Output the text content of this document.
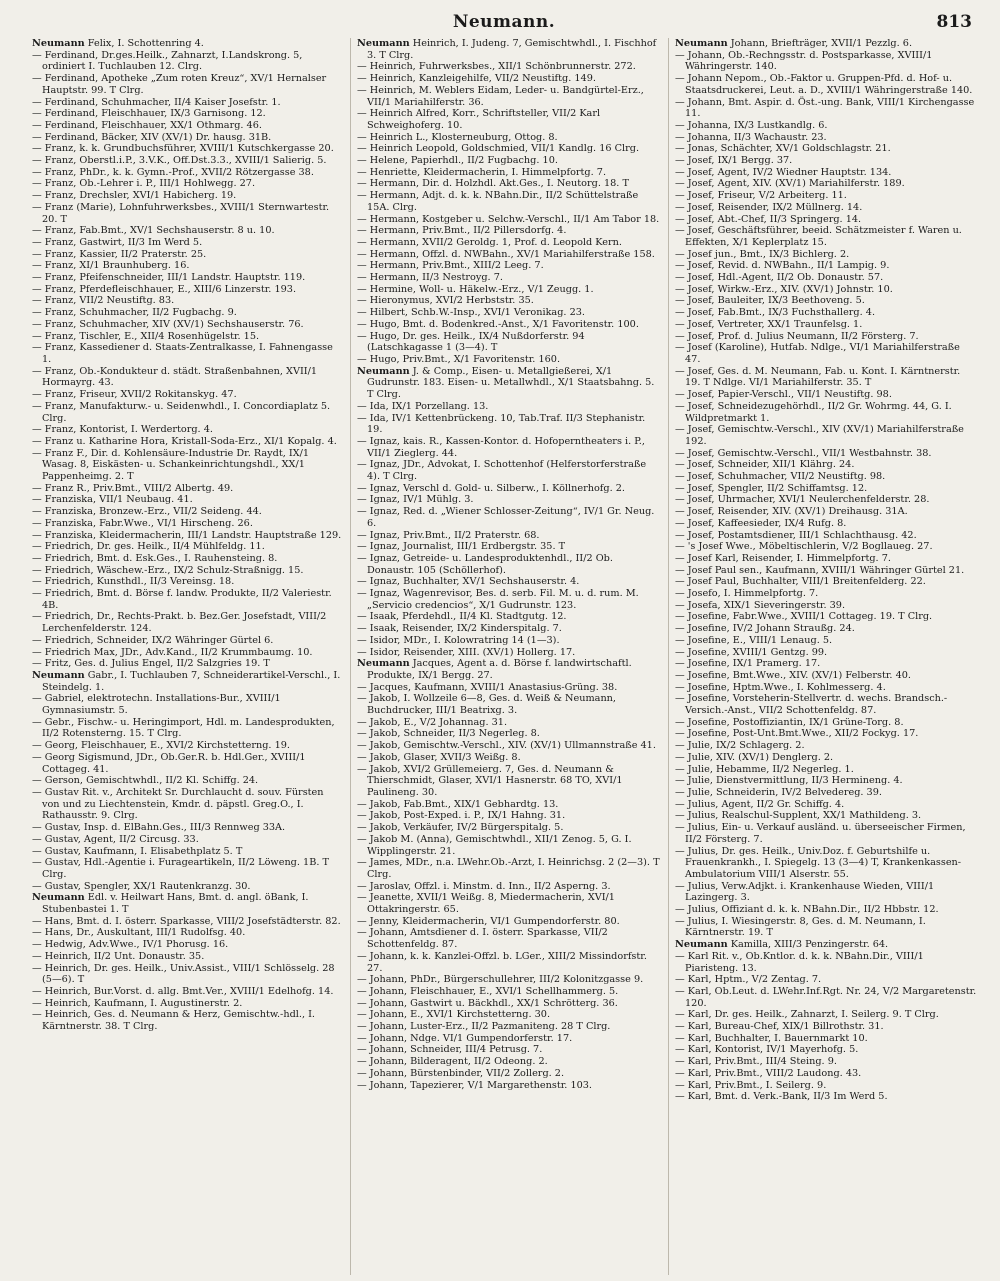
Neumann.	813
Neumann Felix, I. Schottenring 4.
— Ferdinand, Dr.ges.Heilk., Zahnarzt, I.Landskrong. 5, ordiniert I. Tuchlauben 12. Clrg.
— Ferdinand, Apotheke „Zum roten Kreuz“, XV/1 Hernalser Hauptstr. 99. T Clrg.
— Ferdinand, Schuhmacher, II/4 Kaiser Josefstr. 1.
— Ferdinand, Fleischhauer, IX/3 Garnisong. 12.
— Ferdinand, Fleischhauer, XX/1 Othmarg. 46.
— Ferdinand, Bäcker, XIV (XV/1) Dr. hausg. 31B.
— Franz, k. k. Grundbuchsführer, XVIII/1 Kutschkergasse 20.
— Franz, Oberstl.i.P., 3.V.K., Off.Dst.3.3., XVIII/1 Salierig. 5.
— Franz, PhDr., k. k. Gymn.-Prof., XVII/2 Rötzergasse 38.
— Franz, Ob.-Lehrer i. P., III/1 Hohlwegg. 27.
— Franz, Drechsler, XVI/1 Habicherg. 19.
— Franz (Marie), Lohnfuhrwerksbes., XVIII/1 Sternwartestr. 20. T
— Franz, Fab.Bmt., XV/1 Sechshauserstr. 8 u. 10.
— Franz, Gastwirt, II/3 Im Werd 5.
— Franz, Kassier, II/2 Praterstr. 25.
— Franz, XI/1 Braunhuberg. 16.
— Franz, Pfeifenschneider, III/1 Landstr. Hauptstr. 119.
— Franz, Pferdefleischhauer, E., XIII/6 Linzerstr. 193.
— Franz, VII/2 Neustiftg. 83.
— Franz, Schuhmacher, II/2 Fugbachg. 9.
— Franz, Schuhmacher, XIV (XV/1) Sechshauserstr. 76.
— Franz, Tischler, E., XII/4 Rosenhügelstr. 15.
— Franz, Kassediener d. Staats-Zentralkasse, I. Fahnengasse 1.
— Franz, Ob.-Kondukteur d. städt. Straßenbahnen, XVII/1 Hormayrg. 43.
— Franz, Friseur, XVII/2 Rokitanskyg. 47.
— Franz, Manufakturw.- u. Seidenwhdl., I. Concordiaplatz 5. Clrg.
— Franz, Kontorist, I. Werdertorg. 4.
— Franz u. Katharine Hora, Kristall-Soda-Erz., XI/1 Kopalg. 4.
— Franz F., Dir. d. Kohlensäure-Industrie Dr. Raydt, IX/1 Wasag. 8, Eiskästen- u. Schankeinrichtungshdl., XX/1 Pappenheimg. 2. T
— Franz R., Priv.Bmt., VIII/2 Albertg. 49.
— Franziska, VII/1 Neubaug. 41.
— Franziska, Bronzew.-Erz., VII/2 Seideng. 44.
— Franziska, Fabr.Wwe., VI/1 Hirscheng. 26.
— Franziska, Kleidermacherin, III/1 Landstr. Hauptstraße 129.
— Friedrich, Dr. ges. Heilk., II/4 Mühlfeldg. 11.
— Friedrich, Bmt. d. Esk.Ges., I. Rauhensteing. 8.
— Friedrich, Wäschew.-Erz., IX/2 Schulz-Straßnigg. 15.
— Friedrich, Kunsthdl., II/3 Vereinsg. 18.
— Friedrich, Bmt. d. Börse f. landw. Produkte, II/2 Valeriestr. 4B.
— Friedrich, Dr., Rechts-Prakt. b. Bez.Ger. Josefstadt, VIII/2 Lerchenfelderstr. 124.
— Friedrich, Schneider, IX/2 Währinger Gürtel 6.
— Friedrich Max, JDr., Adv.Kand., II/2 Krummbaumg. 10.
— Fritz, Ges. d. Julius Engel, II/2 Salzgries 19. T
Neumann Gabr., I. Tuchlauben 7, Schneiderartikel-Verschl., I. Steindelg. 1.
— Gabriel, elektrotechn. Installations-Bur., XVIII/1 Gymnasiumstr. 5.
— Gebr., Fischw.- u. Heringimport, Hdl. m. Landesprodukten, II/2 Rotensterng. 15. T Clrg.
— Georg, Fleischhauer, E., XVI/2 Kirchstetterng. 19.
— Georg Sigismund, JDr., Ob.Ger.R. b. Hdl.Ger., XVIII/1 Cottageg. 41.
— Gerson, Gemischtwhdl., II/2 Kl. Schiffg. 24.
— Gustav Rit. v., Architekt Sr. Durchlaucht d. souv. Fürsten von und zu Liechtenstein, Kmdr. d. päpstl. Greg.O., I. Rathausstr. 9. Clrg.
— Gustav, Insp. d. ElBahn.Ges., III/3 Rennweg 33A.
— Gustav, Agent, II/2 Circusg. 33.
— Gustav, Kaufmann, I. Elisabethplatz 5. T
— Gustav, Hdl.-Agentie i. Furageartikeln, II/2 Löweng. 1B. T Clrg.
— Gustav, Spengler, XX/1 Rautenkranzg. 30.
Neumann Edl. v. Heilwart Hans, Bmt. d. angl. öBank, I. Stubenbastei 1. T
— Hans, Bmt. d. I. österr. Sparkasse, VIII/2 Josefstädterstr. 82.
— Hans, Dr., Auskultant, III/1 Rudolfsg. 40.
— Hedwig, Adv.Wwe., IV/1 Phorusg. 16.
— Heinrich, II/2 Unt. Donaustr. 35.
— Heinrich, Dr. ges. Heilk., Univ.Assist., VIII/1 Schlösselg. 28 (5—6). T
— Heinrich, Bur.Vorst. d. allg. Bmt.Ver., XVIII/1 Edelhofg. 14.
— Heinrich, Kaufmann, I. Augustinerstr. 2.
— Heinrich, Ges. d. Neumann & Herz, Gemischtw.-hdl., I. Kärntnerstr. 38. T Clrg.
Neumann Heinrich, I. Judeng. 7, Gemischtwhdl., I. Fischhof 3. T Clrg.
— Heinrich, Fuhrwerksbes., XII/1 Schönbrunnerstr. 272.
— Heinrich, Kanzleigehilfe, VII/2 Neustiftg. 149.
— Heinrich, M. Weblers Eidam, Leder- u. Bandgürtel-Erz., VII/1 Mariahilferstr. 36.
— Heinrich Alfred, Korr., Schriftsteller, VII/2 Karl Schweighoferg. 10.
— Heinrich L., Klosterneuburg, Ottog. 8.
— Heinrich Leopold, Goldschmied, VII/1 Kandlg. 16 Clrg.
— Helene, Papierhdl., II/2 Fugbachg. 10.
— Henriette, Kleidermacherin, I. Himmelpfortg. 7.
— Hermann, Dir. d. Holzhdl. Akt.Ges., I. Neutorg. 18. T
— Hermann, Adjt. d. k. k. NBahn.Dir., II/2 Schüttelstraße 15A. Clrg.
— Hermann, Kostgeber u. Selchw.-Verschl., II/1 Am Tabor 18.
— Hermann, Priv.Bmt., II/2 Pillersdorfg. 4.
— Hermann, XVII/2 Geroldg. 1, Prof. d. Leopold Kern.
— Hermann, Offzl. d. NWBahn., XV/1 Mariahilferstraße 158.
— Hermann, Priv.Bmt., XIII/2 Leeg. 7.
— Hermann, II/3 Nestroyg. 7.
— Hermine, Woll- u. Häkelw.-Erz., V/1 Zeugg. 1.
— Hieronymus, XVI/2 Herbststr. 35.
— Hilbert, Schb.W.-Insp., XVI/1 Veronikag. 23.
— Hugo, Bmt. d. Bodenkred.-Anst., X/1 Favoritenstr. 100.
— Hugo, Dr. ges. Heilk., IX/4 Nußdorferstr. 94 (Latschkagasse 1 (3—4). T
— Hugo, Priv.Bmt., X/1 Favoritenstr. 160.
Neumann J. & Comp., Eisen- u. Metallgießerei, X/1 Gudrunstr. 183. Eisen- u. Metallwhdl., X/1 Staatsbahng. 5. T Clrg.
— Ida, IX/1 Porzellang. 13.
— Ida, IV/1 Kettenbrückeng. 10, Tab.Traf. II/3 Stephanistr. 19.
— Ignaz, kais. R., Kassen-Kontor. d. Hofoperntheaters i. P., VII/1 Zieglerg. 44.
— Ignaz, JDr., Advokat, I. Schottenhof (Helferstorferstraße 4). T Clrg.
— Ignaz, Verschl d. Gold- u. Silberw., I. Köllnerhofg. 2.
— Ignaz, IV/1 Mühlg. 3.
— Ignaz, Red. d. „Wiener Schlosser-Zeitung“, IV/1 Gr. Neug. 6.
— Ignaz, Priv.Bmt., II/2 Praterstr. 68.
— Ignaz, Journalist, III/1 Erdbergstr. 35. T
— Ignaz, Getreide- u. Landesproduktenhdl., II/2 Ob. Donaustr. 105 (Schöllerhof).
— Ignaz, Buchhalter, XV/1 Sechshauserstr. 4.
— Ignaz, Wagenrevisor, Bes. d. serb. Fil. M. u. d. rum. M. „Servicio credencios“, X/1 Gudrunstr. 123.
— Isaak, Pferdehdl., II/4 Kl. Stadtgutg. 12.
— Isaak, Reisender, IX/2 Kinderspitalg. 7.
— Isidor, MDr., I. Kolowratring 14 (1—3).
— Isidor, Reisender, XIII. (XV/1) Hollerg. 17.
Neumann Jacques, Agent a. d. Börse f. landwirtschaftl. Produkte, IX/1 Bergg. 27.
— Jacques, Kaufmann, XVIII/1 Anastasius-Grüng. 38.
— Jakob, I. Wollzeile 6—8, Ges. d. Weiß & Neumann, Buchdrucker, III/1 Beatrixg. 3.
— Jakob, E., V/2 Johannag. 31.
— Jakob, Schneider, II/3 Negerleg. 8.
— Jakob, Gemischtw.-Verschl., XIV. (XV/1) Ullmannstraße 41.
— Jakob, Glaser, XVII/3 Weißg. 8.
— Jakob, XVI/2 Grüllemeierg. 7, Ges. d. Neumann & Thierschmidt, Glaser, XVI/1 Hasnerstr. 68 TO, XVI/1 Paulineng. 30.
— Jakob, Fab.Bmt., XIX/1 Gebhardtg. 13.
— Jakob, Post-Exped. i. P., IX/1 Hahng. 31.
— Jakob, Verkäufer, IV/2 Bürgerspitalg. 5.
— Jakob M. (Anna), Gemischtwhdl., XII/1 Zenog. 5, G. I. Wipplingerstr. 21.
— James, MDr., n.a. LWehr.Ob.-Arzt, I. Heinrichsg. 2 (2—3). T Clrg.
— Jaroslav, Offzl. i. Minstm. d. Inn., II/2 Asperng. 3.
— Jeanette, XVII/1 Weißg. 8, Miedermacherin, XVI/1 Ottakringerstr. 65.
— Jenny, Kleidermacherin, VI/1 Gumpendorferstr. 80.
— Johann, Amtsdiener d. I. österr. Sparkasse, VII/2 Schottenfeldg. 87.
— Johann, k. k. Kanzlei-Offzl. b. LGer., XIII/2 Missindorfstr. 27.
— Johann, PhDr., Bürgerschullehrer, III/2 Kolonitzgasse 9.
— Johann, Fleischhauer, E., XVI/1 Schellhammerg. 5.
— Johann, Gastwirt u. Bäckhdl., XX/1 Schrötterg. 36.
— Johann, E., XVI/1 Kirchstetterng. 30.
— Johann, Luster-Erz., II/2 Pazmaniteng. 28 T Clrg.
— Johann, Ndge. VI/1 Gumpendorferstr. 17.
— Johann, Schneider, III/4 Petrusg. 7.
— Johann, Bilderagent, II/2 Odeong. 2.
— Johann, Bürstenbinder, VII/2 Zollerg. 2.
— Johann, Tapezierer, V/1 Margarethenstr. 103.
Neumann Johann, Briefträger, XVII/1 Pezzlg. 6.
— Johann, Ob.-Rechngsstr. d. Postsparkasse, XVIII/1 Währingerstr. 140.
— Johann Nepom., Ob.-Faktor u. Gruppen-Pfd. d. Hof- u. Staatsdruckerei, Leut. a. D., XVIII/1 Währingerstraße 140.
— Johann, Bmt. Aspir. d. Öst.-ung. Bank, VIII/1 Kirchengasse 11.
— Johanna, IX/3 Lustkandlg. 6.
— Johanna, II/3 Wachaustr. 23.
— Jonas, Schächter, XV/1 Goldschlagstr. 21.
— Josef, IX/1 Bergg. 37.
— Josef, Agent, IV/2 Wiedner Hauptstr. 134.
— Josef, Agent, XIV. (XV/1) Mariahilferstr. 189.
— Josef, Friseur, V/2 Arbeiterg. 11.
— Josef, Reisender, IX/2 Müllnerg. 14.
— Josef, Abt.-Chef, II/3 Springerg. 14.
— Josef, Geschäftsführer, beeid. Schätzmeister f. Waren u. Effekten, X/1 Keplerplatz 15.
— Josef jun., Bmt., IX/3 Bichlerg. 2.
— Josef, Revid. d. NWBahn., II/1 Lampig. 9.
— Josef, Hdl.-Agent, II/2 Ob. Donaustr. 57.
— Josef, Wirkw.-Erz., XIV. (XV/1) Johnstr. 10.
— Josef, Bauleiter, IX/3 Beethoveng. 5.
— Josef, Fab.Bmt., IX/3 Fuchsthallerg. 4.
— Josef, Vertreter, XX/1 Traunfelsg. 1.
— Josef, Prof. d. Julius Neumann, II/2 Försterg. 7.
— Josef (Karoline), Hutfab. Ndlge., VI/1 Mariahilferstraße 47.
— Josef, Ges. d. M. Neumann, Fab. u. Kont. I. Kärntnerstr. 19. T Ndlge. VI/1 Mariahilferstr. 35. T
— Josef, Papier-Verschl., VII/1 Neustiftg. 98.
— Josef, Schneidezugehörhdl., II/2 Gr. Wohrmg. 44, G. I. Wildpretmarkt 1.
— Josef, Gemischtw.-Verschl., XIV (XV/1) Mariahilferstraße 192.
— Josef, Gemischtw.-Verschl., VII/1 Westbahnstr. 38.
— Josef, Schneider, XII/1 Klährg. 24.
— Josef, Schuhmacher, VII/2 Neustiftg. 98.
— Josef, Spengler, II/2 Schiffamtsg. 12.
— Josef, Uhrmacher, XVI/1 Neulerchenfelderstr. 28.
— Josef, Reisender, XIV. (XV/1) Dreihausg. 31A.
— Josef, Kaffeesieder, IX/4 Rufg. 8.
— Josef, Postamtsdiener, III/1 Schlachthausg. 42.
— 's Josef Wwe., Möbeltischlerin, V/2 Bogllaueg. 27.
— Josef Karl, Reisender, I. Himmelpfortg. 7.
— Josef Paul sen., Kaufmann, XVIII/1 Währinger Gürtel 21.
— Josef Paul, Buchhalter, VIII/1 Breitenfelderg. 22.
— Josefo, I. Himmelpfortg. 7.
— Josefa, XIX/1 Sieveringerstr. 39.
— Josefine, Fabr.Wwe., XVIII/1 Cottageg. 19. T Clrg.
— Josefine, IV/2 Johann Straußg. 24.
— Josefine, E., VIII/1 Lenaug. 5.
— Josefine, XVIII/1 Gentzg. 99.
— Josefine, IX/1 Pramerg. 17.
— Josefine, Bmt.Wwe., XIV. (XV/1) Felberstr. 40.
— Josefine, Hptm.Wwe., I. Kohlmesserg. 4.
— Josefine, Vorsteherin-Stellvertr. d. wechs. Brandsch.-Versich.-Anst., VII/2 Schottenfeldg. 87.
— Josefine, Postoffiziantin, IX/1 Grüne-Torg. 8.
— Josefine, Post-Unt.Bmt.Wwe., XII/2 Fockyg. 17.
— Julie, IX/2 Schlagerg. 2.
— Julie, XIV. (XV/1) Denglerg. 2.
— Julie, Hebamme, II/2 Negerleg. 1.
— Julie, Dienstvermittlung, II/3 Hermineng. 4.
— Julie, Schneiderin, IV/2 Belvedereg. 39.
— Julius, Agent, II/2 Gr. Schiffg. 4.
— Julius, Realschul-Supplent, XX/1 Mathildeng. 3.
— Julius, Ein- u. Verkauf ausländ. u. überseeischer Firmen, II/2 Försterg. 7.
— Julius, Dr. ges. Heilk., Univ.Doz. f. Geburtshilfe u. Frauenkrankh., I. Spiegelg. 13 (3—4) T, Krankenkassen-Ambulatorium VIII/1 Alserstr. 55.
— Julius, Verw.Adjkt. i. Krankenhause Wieden, VIII/1 Lazingerg. 3.
— Julius, Offiziant d. k. k. NBahn.Dir., II/2 Hbbstr. 12.
— Julius, I. Wiesingerstr. 8, Ges. d. M. Neumann, I. Kärntnerstr. 19. T
Neumann Kamilla, XIII/3 Penzingerstr. 64.
— Karl Rit. v., Ob.Kntlor. d. k. k. NBahn.Dir., VIII/1 Piaristeng. 13.
— Karl, Hptm., V/2 Zentag. 7.
— Karl, Ob.Leut. d. LWehr.Inf.Rgt. Nr. 24, V/2 Margaretenstr. 120.
— Karl, Dr. ges. Heilk., Zahnarzt, I. Seilerg. 9. T Clrg.
— Karl, Bureau-Chef, XIX/1 Billrothstr. 31.
— Karl, Buchhalter, I. Bauernmarkt 10.
— Karl, Kontorist, IV/1 Mayerhofg. 5.
— Karl, Priv.Bmt., III/4 Steing. 9.
— Karl, Priv.Bmt., VIII/2 Laudong. 43.
— Karl, Priv.Bmt., I. Seilerg. 9.
— Karl, Bmt. d. Verk.-Bank, II/3 Im Werd 5.
